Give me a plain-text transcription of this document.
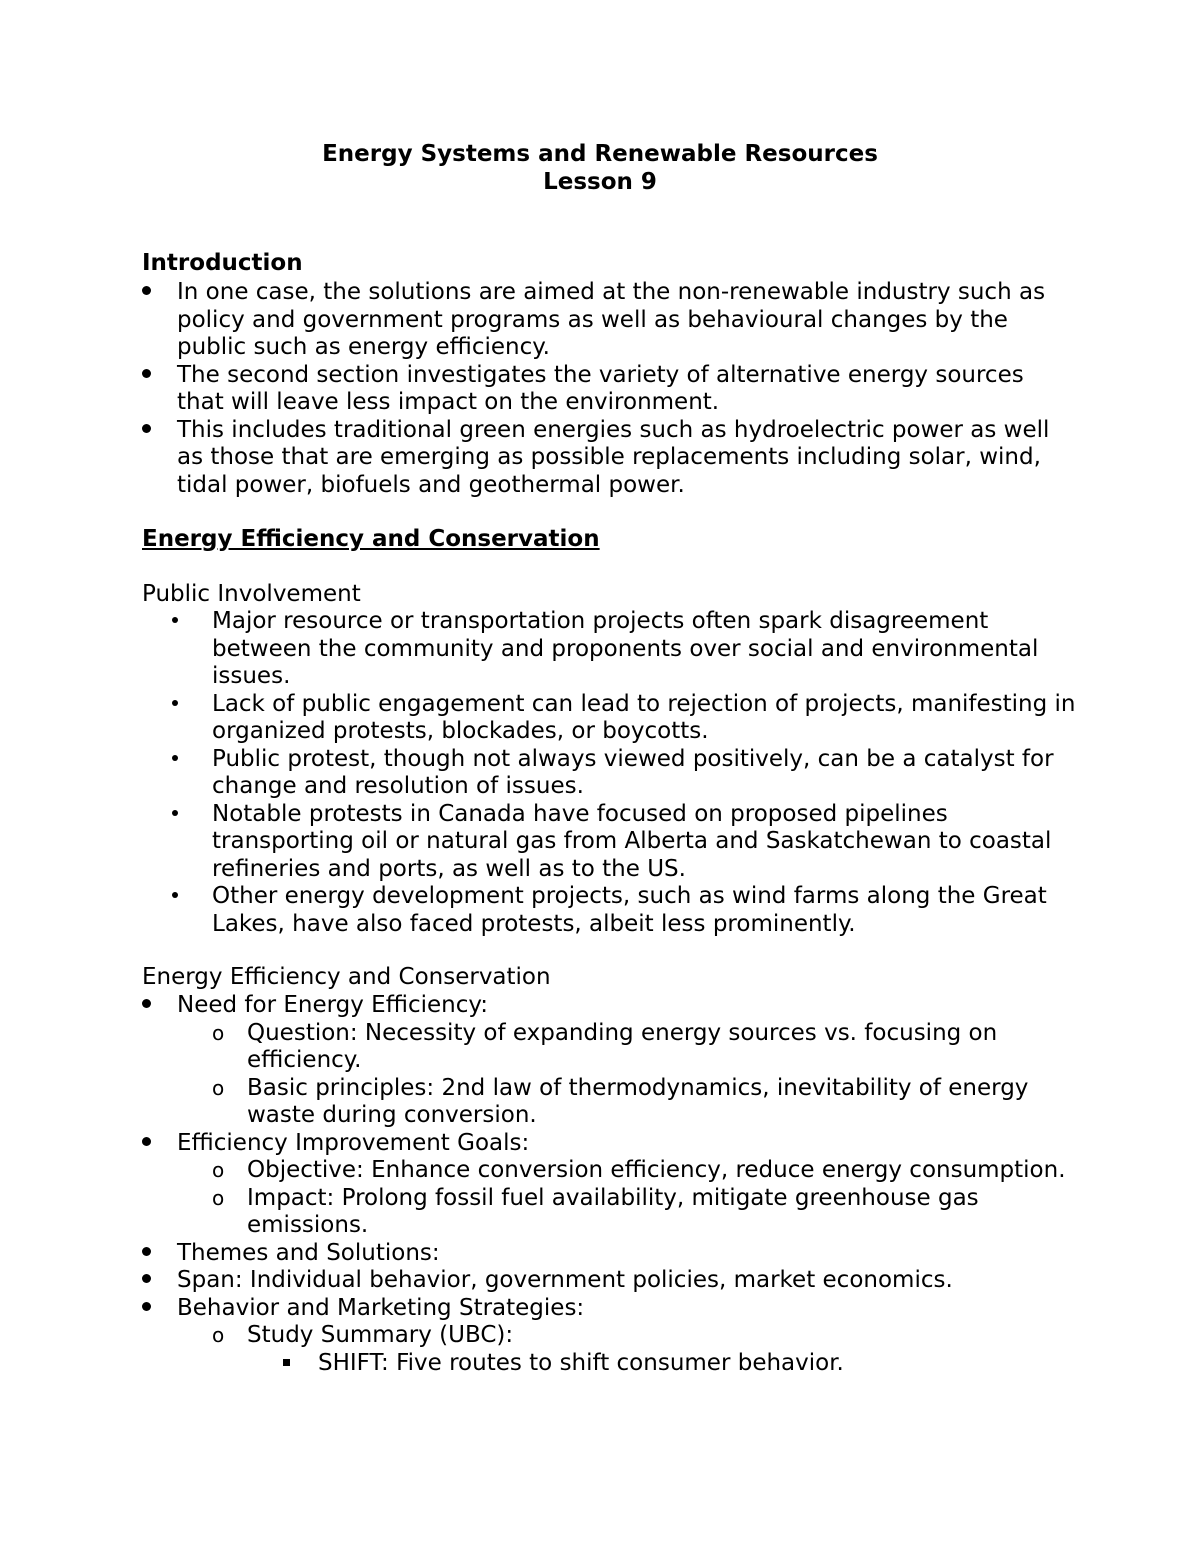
Energy Systems and Renewable Resources
Lesson 9
Introduction
In one case, the solutions are aimed at the non-renewable industry such as policy and government programs as well as behavioural changes by the public such as energy efficiency.
The second section investigates the variety of alternative energy sources that will leave less impact on the environment.
This includes traditional green energies such as hydroelectric power as well as those that are emerging as possible replacements including solar, wind, tidal power, biofuels and geothermal power.
Energy Efficiency and Conservation
Public Involvement
Major resource or transportation projects often spark disagreement between the community and proponents over social and environmental issues.
Lack of public engagement can lead to rejection of projects, manifesting in organized protests, blockades, or boycotts.
Public protest, though not always viewed positively, can be a catalyst for change and resolution of issues.
Notable protests in Canada have focused on proposed pipelines transporting oil or natural gas from Alberta and Saskatchewan to coastal refineries and ports, as well as to the US.
Other energy development projects, such as wind farms along the Great Lakes, have also faced protests, albeit less prominently.
Energy Efficiency and Conservation
Need for Energy Efficiency:
o Question: Necessity of expanding energy sources vs. focusing on efficiency.
o Basic principles: 2nd law of thermodynamics, inevitability of energy waste during conversion.
Efficiency Improvement Goals:
o Objective: Enhance conversion efficiency, reduce energy consumption.
o Impact: Prolong fossil fuel availability, mitigate greenhouse gas emissions.
Themes and Solutions:
Span: Individual behavior, government policies, market economics.
Behavior and Marketing Strategies:
o Study Summary (UBC):
SHIFT: Five routes to shift consumer behavior.
